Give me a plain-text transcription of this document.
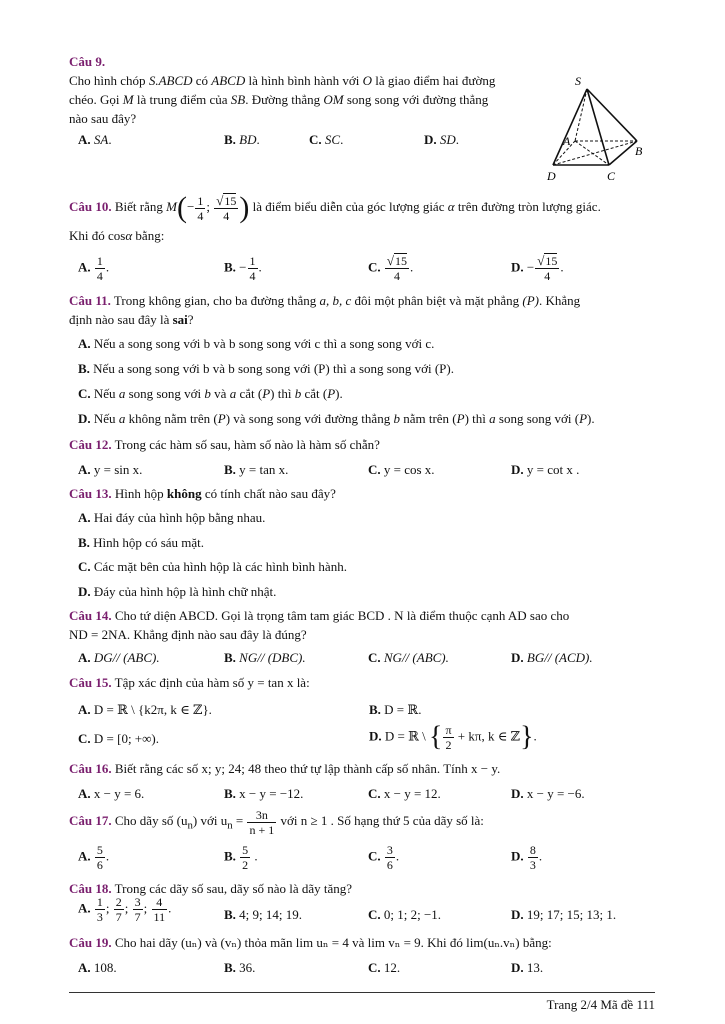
Câu 9.
Cho hình chóp S.ABCD có ABCD là hình bình hành với O là giao điểm hai đường
chéo. Gọi M là trung điểm của SB. Đường thẳng OM song song với đường thẳng
nào sau đây?
A. SA.	B. BD.	C. SC.	D. SD.
S
A
B
C
D
Câu 10. Biết rằng $M(- \frac{1}{4}$ ; $\frac{√15}{4}$ ) là điểm biểu diễn của góc lượng giác α trên đường tròn lượng giác.
Khi đó cosα bằng:
A. $\frac{1}{4}$ .	B. − $\frac{1}{4}$ .	C. $\frac{√15}{4}$ .	D. − $\frac{√15}{4}$ .
Câu 11. Trong không gian, cho ba đường thẳng a, b, c đôi một phân biệt và mặt phẳng (P). Khẳng
định nào sau đây là sai?
A. Nếu a song song với b và b song song với c thì a song song với c.
B. Nếu a song song với b và b song song với (P) thì a song song với (P).
C. Nếu a song song với b và a cắt (P) thì b cắt (P).
D. Nếu a không nằm trên (P) và song song với đường thẳng b nằm trên (P) thì a song song với (P).
Câu 12. Trong các hàm số sau, hàm số nào là hàm số chẵn?
A. y = sin x.	B. y = tan x.	C. y = cos x.	D. y = cot x .
Câu 13. Hình hộp không có tính chất nào sau đây?
A. Hai đáy của hình hộp bằng nhau.
B. Hình hộp có sáu mặt.
C. Các mặt bên của hình hộp là các hình bình hành.
D. Đáy của hình hộp là hình chữ nhật.
Câu 14. Cho tứ diện ABCD. Gọi là trọng tâm tam giác BCD . N là điểm thuộc cạnh AD sao cho
ND = 2NA. Khẳng định nào sau đây là đúng?
A. DG// (ABC).	B. NG// (DBC).	C. NG// (ABC).	D. BG// (ACD).
Câu 15. Tập xác định của hàm số y = tan x là:
A. D = ℝ \ {k2π, k ∈ ℤ}.	B. D = ℝ.
C. D = [0; +∞).	D. D = ℝ \ { $\frac{\pi}{2} + k\pi$, k ∈ ℤ}.
Câu 16. Biết rằng các số x; y; 24; 48 theo thứ tự lập thành cấp số nhân. Tính x − y.
A. x − y = 6.	B. x − y = −12.	C. x − y = 12.	D. x − y = −6.
Câu 17. Cho dãy số $(u_n)$ với $u_n = \frac{3n}{n + 1}$ với n ≥ 1 . Số hạng thứ 5 của dãy số là:
A. $\frac{5}{6}$ .	B. $\frac{5}{2}$ .	C. $\frac{3}{6}$ .	D. $\frac{8}{3}$ .
Câu 18. Trong các dãy số sau, dãy số nào là dãy tăng?
A. $\frac{1}{3}$ ; $\frac{2}{7}$ ; $\frac{3}{7}$ ; $\frac{4}{11}$ .	B. 4; 9; 14; 19.	C. 0; 1; 2; −1.	D. 19; 17; 15; 13; 1.
Câu 19. Cho hai dãy (uₙ) và (vₙ) thỏa mãn lim uₙ = 4 và lim vₙ = 9. Khi đó lim(uₙ.vₙ) bằng:
A. 108.	B. 36.	C. 12.	D. 13.
Trang 2/4 Mã đề 111
